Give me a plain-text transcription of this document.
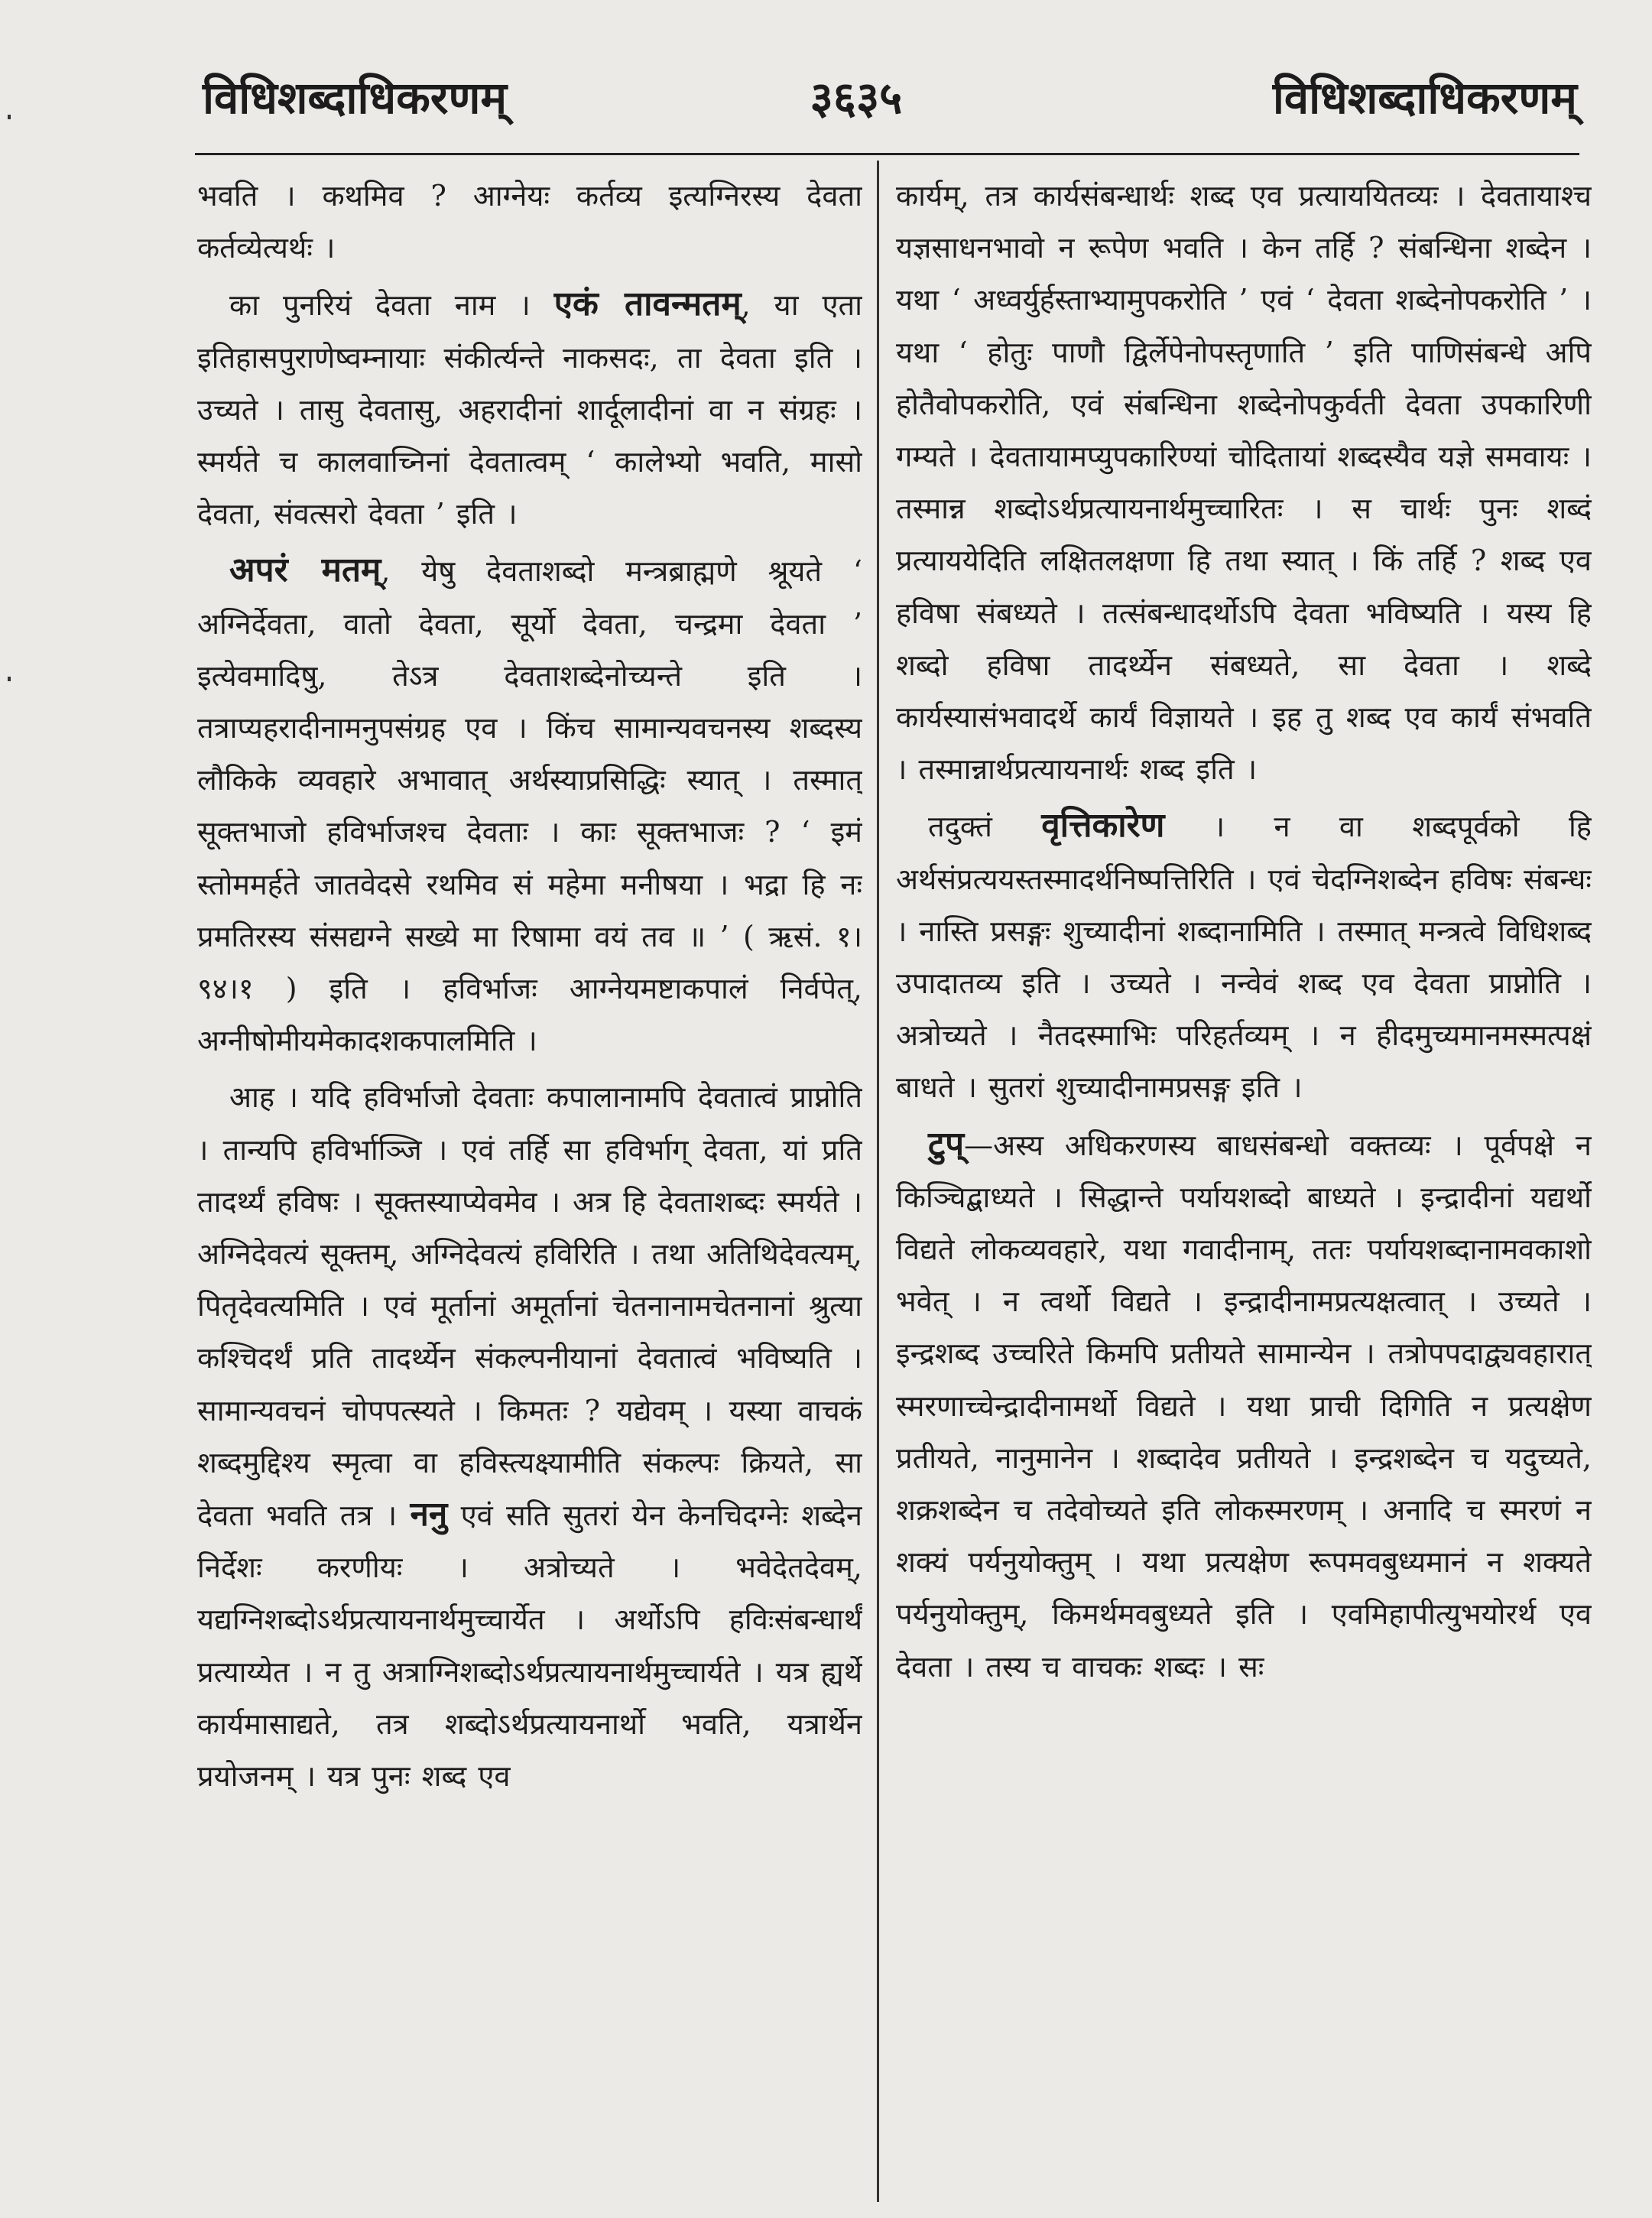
विधिशब्दाधिकरणम्	३६३५	विधिशब्दाधिकरणम्

भवति । कथमिव ? आग्नेयः कर्तव्य इत्यग्निरस्य देवता कर्तव्येत्यर्थः ।

का पुनरियं देवता नाम । एकं तावन्मतम्, या एता इतिहासपुराणेष्वम्नायाः संकीर्त्यन्ते नाकसदः, ता देवता इति । उच्यते । तासु देवतासु, अहरादीनां शार्दूलादीनां वा न संग्रहः । स्मर्यते च कालवाच्निनां देवतात्वम् ‘ कालेभ्यो भवति, मासो देवता, संवत्सरो देवता ’ इति ।

अपरं मतम्, येषु देवताशब्दो मन्त्रब्राह्मणे श्रूयते ‘ अग्निर्देवता, वातो देवता, सूर्यो देवता, चन्द्रमा देवता ’ इत्येवमादिषु, तेऽत्र देवताशब्देनोच्यन्ते इति । तत्राप्यहरादीनामनुपसंग्रह एव । किंच सामान्यवचनस्य शब्दस्य लौकिके व्यवहारे अभावात् अर्थस्याप्रसिद्धिः स्यात् । तस्मात् सूक्तभाजो हविर्भाजश्च देवताः । काः सूक्तभाजः ? ‘ इमं स्तोममर्हते जातवेदसे रथमिव सं महेमा मनीषया । भद्रा हि नः प्रमतिरस्य संसद्यग्ने सख्ये मा रिषामा वयं तव ॥ ’ ( ऋसं. १।९४।१ ) इति । हविर्भाजः आग्नेयमष्टाकपालं निर्वपेत्, अग्नीषोमीयमेकादशकपालमिति ।

आह । यदि हविर्भाजो देवताः कपालानामपि देवतात्वं प्राप्नोति । तान्यपि हविर्भाञ्जि । एवं तर्हि सा हविर्भाग् देवता, यां प्रति तादर्थ्यं हविषः । सूक्तस्याप्येवमेव । अत्र हि देवताशब्दः स्मर्यते । अग्निदेवत्यं सूक्तम्, अग्निदेवत्यं हविरिति । तथा अतिथिदेवत्यम्, पितृदेवत्यमिति । एवं मूर्तानां अमूर्तानां चेतनानामचेतनानां श्रुत्या कश्चिदर्थं प्रति तादर्थ्येन संकल्पनीयानां देवतात्वं भविष्यति । सामान्यवचनं चोपपत्स्यते । किमतः ? यद्येवम् । यस्या वाचकं शब्दमुद्दिश्य स्मृत्वा वा हविस्त्यक्ष्यामीति संकल्पः क्रियते, सा देवता भवति तत्र । ननु एवं सति सुतरां येन केनचिदग्नेः शब्देन निर्देशः करणीयः । अत्रोच्यते । भवेदेतदेवम्, यद्यग्निशब्दोऽर्थप्रत्यायनार्थमुच्चार्येत । अर्थोऽपि हविःसंबन्धार्थं प्रत्याय्येत । न तु अत्राग्निशब्दोऽर्थप्रत्यायनार्थमुच्चार्यते । यत्र ह्यर्थे कार्यमासाद्यते, तत्र शब्दोऽर्थप्रत्यायनार्थो भवति, यत्रार्थेन प्रयोजनम् । यत्र पुनः शब्द एव

कार्यम्, तत्र कार्यसंबन्धार्थः शब्द एव प्रत्याययितव्यः । देवतायाश्च यज्ञसाधनभावो न रूपेण भवति । केन तर्हि ? संबन्धिना शब्देन । यथा ‘ अध्वर्युर्हस्ताभ्यामुपकरोति ’ एवं ‘ देवता शब्देनोपकरोति ’ । यथा ‘ होतुः पाणौ द्विर्लेपेनोपस्तृणाति ’ इति पाणिसंबन्धे अपि होतैवोपकरोति, एवं संबन्धिना शब्देनोपकुर्वती देवता उपकारिणी गम्यते । देवतायामप्युपकारिण्यां चोदितायां शब्दस्यैव यज्ञे समवायः । तस्मान्न शब्दोऽर्थप्रत्यायनार्थमुच्चारितः । स चार्थः पुनः शब्दं प्रत्याययेदिति लक्षितलक्षणा हि तथा स्यात् । किं तर्हि ? शब्द एव हविषा संबध्यते । तत्संबन्धादर्थोऽपि देवता भविष्यति । यस्य हि शब्दो हविषा तादर्थ्येन संबध्यते, सा देवता । शब्दे कार्यस्यासंभवादर्थे कार्यं विज्ञायते । इह तु शब्द एव कार्यं संभवति । तस्मान्नार्थप्रत्यायनार्थः शब्द इति ।

तदुक्तं वृत्तिकारेण । न वा शब्दपूर्वको हि अर्थसंप्रत्ययस्तस्मादर्थनिष्पत्तिरिति । एवं चेदग्निशब्देन हविषः संबन्धः । नास्ति प्रसङ्गः शुच्यादीनां शब्दानामिति । तस्मात् मन्त्रत्वे विधिशब्द उपादातव्य इति । उच्यते । नन्वेवं शब्द एव देवता प्राप्नोति । अत्रोच्यते । नैतदस्माभिः परिहर्तव्यम् । न हीदमुच्यमानमस्मत्पक्षं बाधते । सुतरां शुच्यादीनामप्रसङ्ग इति ।

टुप्—अस्य अधिकरणस्य बाधसंबन्धो वक्तव्यः । पूर्वपक्षे न किञ्चिद्बाध्यते । सिद्धान्ते पर्यायशब्दो बाध्यते । इन्द्रादीनां यद्यर्थो विद्यते लोकव्यवहारे, यथा गवादीनाम्, ततः पर्यायशब्दानामवकाशो भवेत् । न त्वर्थो विद्यते । इन्द्रादीनामप्रत्यक्षत्वात् । उच्यते । इन्द्रशब्द उच्चरिते किमपि प्रतीयते सामान्येन । तत्रोपपदाद्व्यवहारात् स्मरणाच्चेन्द्रादीनामर्थो विद्यते । यथा प्राची दिगिति न प्रत्यक्षेण प्रतीयते, नानुमानेन । शब्दादेव प्रतीयते । इन्द्रशब्देन च यदुच्यते, शक्रशब्देन च तदेवोच्यते इति लोकस्मरणम् । अनादि च स्मरणं न शक्यं पर्यनुयोक्तुम् । यथा प्रत्यक्षेण रूपमवबुध्यमानं न शक्यते पर्यनुयोक्तुम्, किमर्थमवबुध्यते इति । एवमिहापीत्युभयोरर्थ एव देवता । तस्य च वाचकः शब्दः । सः
